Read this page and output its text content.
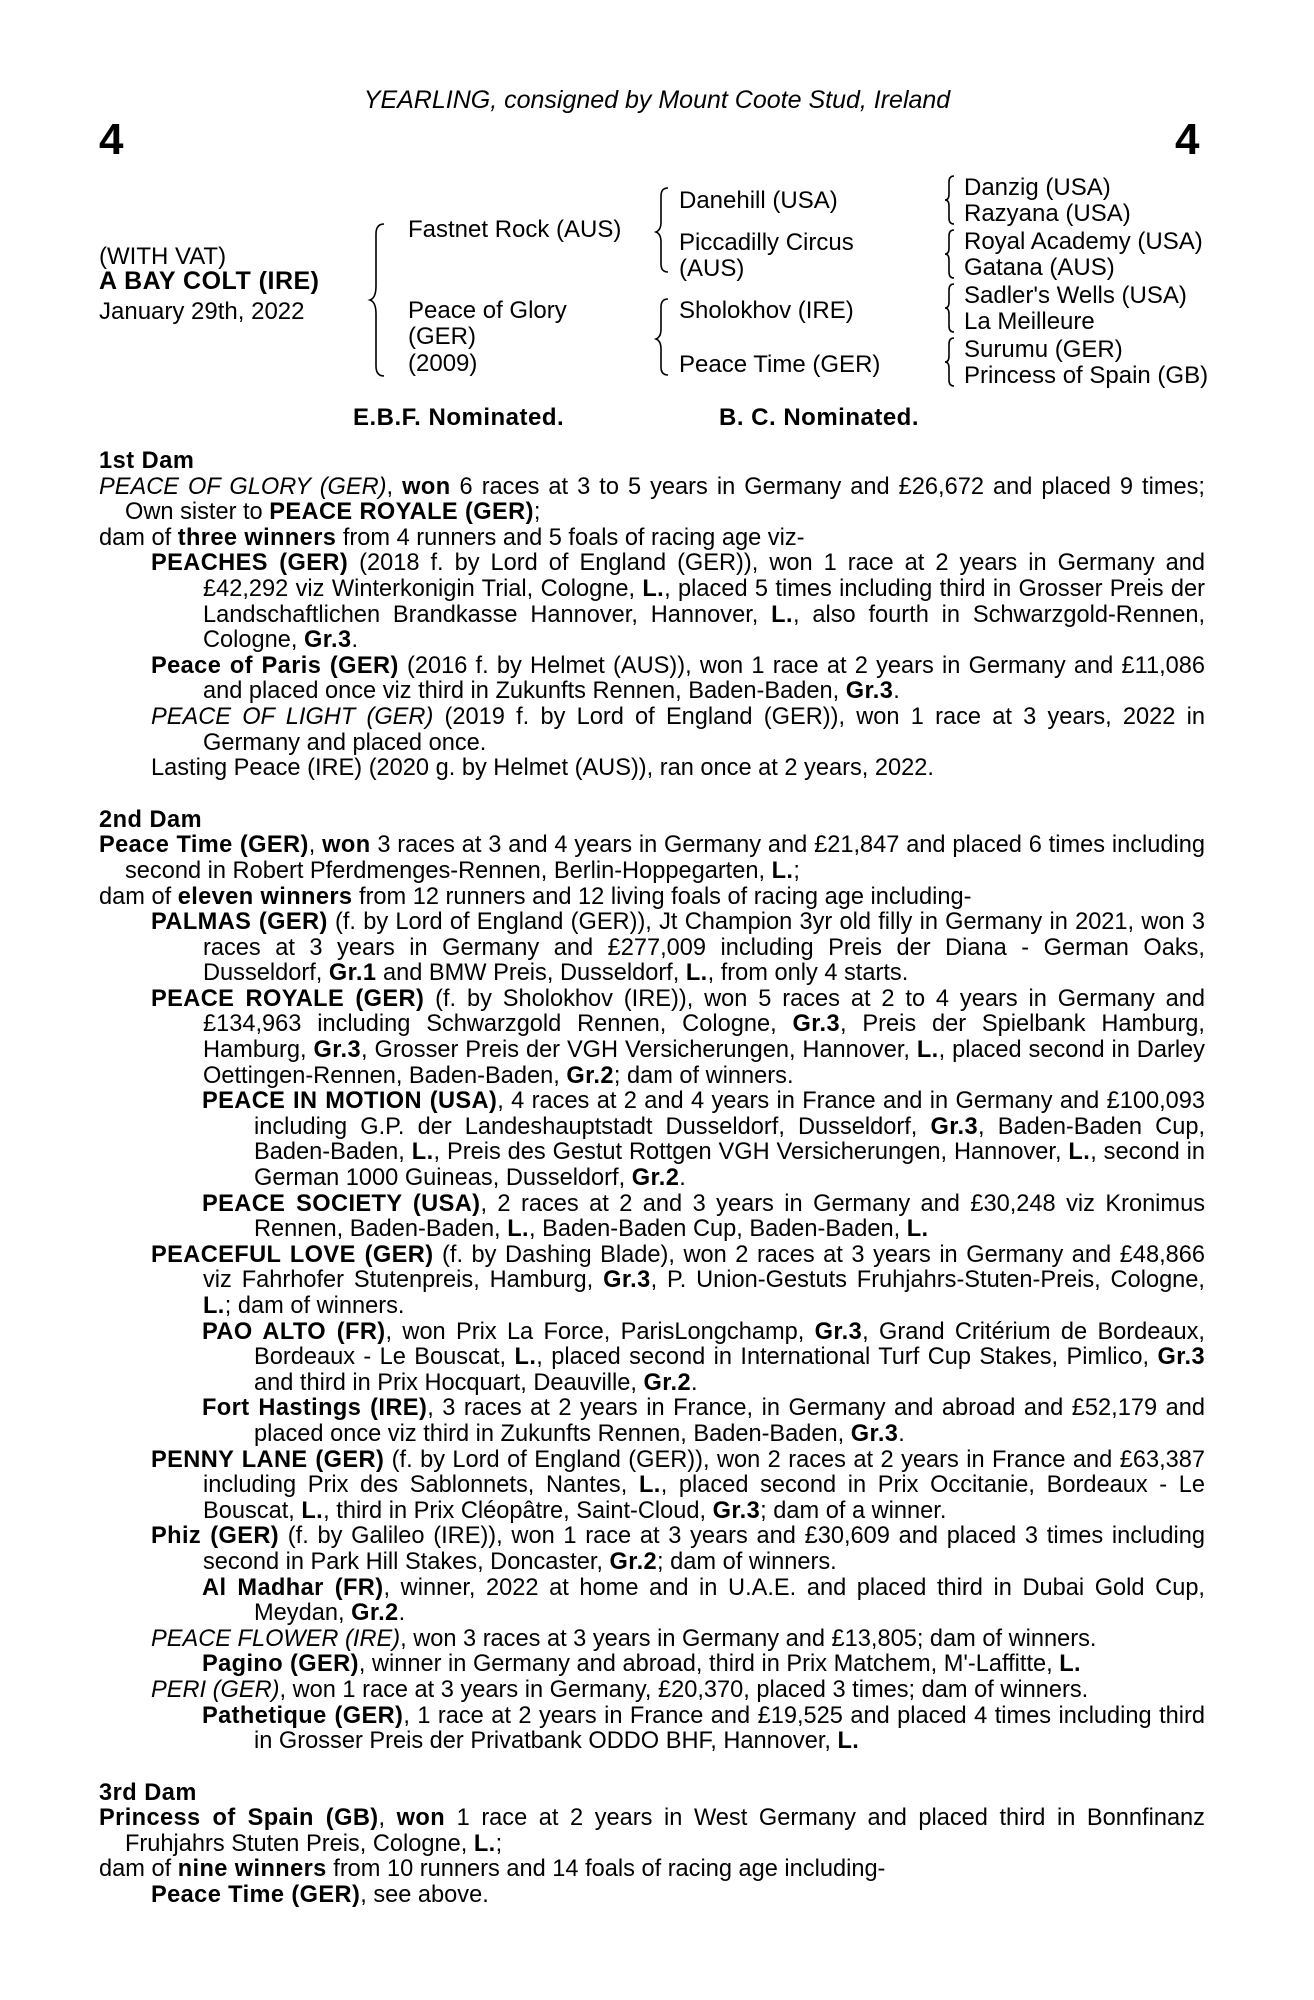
YEARLING, consigned by Mount Coote Stud, Ireland
4	4
(WITH VAT)
A BAY COLT (IRE)
January 29th, 2022
Fastnet Rock (AUS)
Peace of Glory
(GER)
(2009)
Danehill (USA)
Piccadilly Circus
(AUS)
Sholokhov (IRE)
Peace Time (GER)
Danzig (USA)
Razyana (USA)
Royal Academy (USA)
Gatana (AUS)
Sadler's Wells (USA)
La Meilleure
Surumu (GER)
Princess of Spain (GB)
E.B.F. Nominated.	B. C. Nominated.
1st Dam
PEACE OF GLORY (GER), won 6 races at 3 to 5 years in Germany and £26,672 and placed 9 times; Own sister to PEACE ROYALE (GER);
dam of three winners from 4 runners and 5 foals of racing age viz-
PEACHES (GER) (2018 f. by Lord of England (GER)), won 1 race at 2 years in Germany and £42,292 viz Winterkonigin Trial, Cologne, L., placed 5 times including third in Grosser Preis der Landschaftlichen Brandkasse Hannover, Hannover, L., also fourth in Schwarzgold-Rennen, Cologne, Gr.3.
Peace of Paris (GER) (2016 f. by Helmet (AUS)), won 1 race at 2 years in Germany and £11,086 and placed once viz third in Zukunfts Rennen, Baden-Baden, Gr.3.
PEACE OF LIGHT (GER) (2019 f. by Lord of England (GER)), won 1 race at 3 years, 2022 in Germany and placed once.
Lasting Peace (IRE) (2020 g. by Helmet (AUS)), ran once at 2 years, 2022.
2nd Dam
Peace Time (GER), won 3 races at 3 and 4 years in Germany and £21,847 and placed 6 times including second in Robert Pferdmenges-Rennen, Berlin-Hoppegarten, L.;
dam of eleven winners from 12 runners and 12 living foals of racing age including-
PALMAS (GER) (f. by Lord of England (GER)), Jt Champion 3yr old filly in Germany in 2021, won 3 races at 3 years in Germany and £277,009 including Preis der Diana - German Oaks, Dusseldorf, Gr.1 and BMW Preis, Dusseldorf, L., from only 4 starts.
PEACE ROYALE (GER) (f. by Sholokhov (IRE)), won 5 races at 2 to 4 years in Germany and £134,963 including Schwarzgold Rennen, Cologne, Gr.3, Preis der Spielbank Hamburg, Hamburg, Gr.3, Grosser Preis der VGH Versicherungen, Hannover, L., placed second in Darley Oettingen-Rennen, Baden-Baden, Gr.2; dam of winners.
PEACE IN MOTION (USA), 4 races at 2 and 4 years in France and in Germany and £100,093 including G.P. der Landeshauptstadt Dusseldorf, Dusseldorf, Gr.3, Baden-Baden Cup, Baden-Baden, L., Preis des Gestut Rottgen VGH Versicherungen, Hannover, L., second in German 1000 Guineas, Dusseldorf, Gr.2.
PEACE SOCIETY (USA), 2 races at 2 and 3 years in Germany and £30,248 viz Kronimus Rennen, Baden-Baden, L., Baden-Baden Cup, Baden-Baden, L.
PEACEFUL LOVE (GER) (f. by Dashing Blade), won 2 races at 3 years in Germany and £48,866 viz Fahrhofer Stutenpreis, Hamburg, Gr.3, P. Union-Gestuts Fruhjahrs-Stuten-Preis, Cologne, L.; dam of winners.
PAO ALTO (FR), won Prix La Force, ParisLongchamp, Gr.3, Grand Critérium de Bordeaux, Bordeaux - Le Bouscat, L., placed second in International Turf Cup Stakes, Pimlico, Gr.3 and third in Prix Hocquart, Deauville, Gr.2.
Fort Hastings (IRE), 3 races at 2 years in France, in Germany and abroad and £52,179 and placed once viz third in Zukunfts Rennen, Baden-Baden, Gr.3.
PENNY LANE (GER) (f. by Lord of England (GER)), won 2 races at 2 years in France and £63,387 including Prix des Sablonnets, Nantes, L., placed second in Prix Occitanie, Bordeaux - Le Bouscat, L., third in Prix Cléopâtre, Saint-Cloud, Gr.3; dam of a winner.
Phiz (GER) (f. by Galileo (IRE)), won 1 race at 3 years and £30,609 and placed 3 times including second in Park Hill Stakes, Doncaster, Gr.2; dam of winners.
Al Madhar (FR), winner, 2022 at home and in U.A.E. and placed third in Dubai Gold Cup, Meydan, Gr.2.
PEACE FLOWER (IRE), won 3 races at 3 years in Germany and £13,805; dam of winners.
Pagino (GER), winner in Germany and abroad, third in Prix Matchem, M'-Laffitte, L.
PERI (GER), won 1 race at 3 years in Germany, £20,370, placed 3 times; dam of winners.
Pathetique (GER), 1 race at 2 years in France and £19,525 and placed 4 times including third in Grosser Preis der Privatbank ODDO BHF, Hannover, L.
3rd Dam
Princess of Spain (GB), won 1 race at 2 years in West Germany and placed third in Bonnfinanz Fruhjahrs Stuten Preis, Cologne, L.;
dam of nine winners from 10 runners and 14 foals of racing age including-
Peace Time (GER), see above.
